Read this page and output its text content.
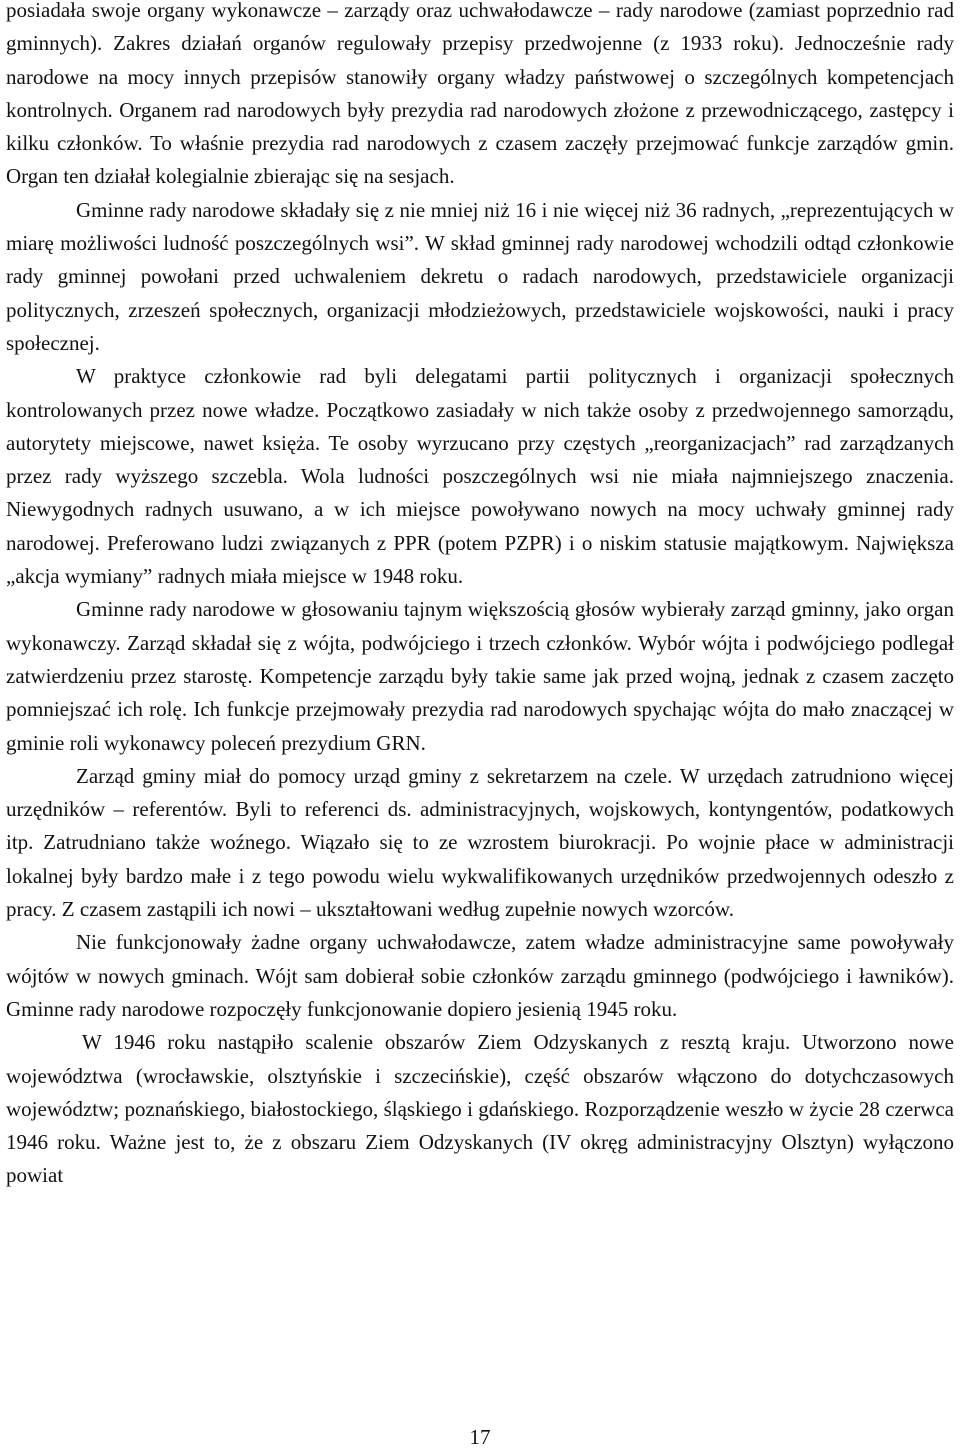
posiadała swoje organy wykonawcze – zarządy oraz uchwałodawcze – rady narodowe (zamiast poprzednio rad gminnych). Zakres działań organów regulowały przepisy przedwojenne (z 1933 roku). Jednocześnie rady narodowe na mocy innych przepisów stanowiły organy władzy państwowej o szczególnych kompetencjach kontrolnych. Organem rad narodowych były prezydia rad narodowych złożone z przewodniczącego, zastępcy i kilku członków. To właśnie prezydia rad narodowych z czasem zaczęły przejmować funkcje zarządów gmin. Organ ten działał kolegialnie zbierając się na sesjach.

Gminne rady narodowe składały się z nie mniej niż 16 i nie więcej niż 36 radnych, „reprezentujących w miarę możliwości ludność poszczególnych wsi”. W skład gminnej rady narodowej wchodzili odtąd członkowie rady gminnej powołani przed uchwaleniem dekretu o radach narodowych, przedstawiciele organizacji politycznych, zrzeszeń społecznych, organizacji młodzieżowych, przedstawiciele wojskowości, nauki i pracy społecznej.

W praktyce członkowie rad byli delegatami partii politycznych i organizacji społecznych kontrolowanych przez nowe władze. Początkowo zasiadały w nich także osoby z przedwojennego samorządu, autorytety miejscowe, nawet księża. Te osoby wyrzucano przy częstych „reorganizacjach” rad zarządzanych przez rady wyższego szczebla. Wola ludności poszczególnych wsi nie miała najmniejszego znaczenia. Niewygodnych radnych usuwano, a w ich miejsce powoływano nowych na mocy uchwały gminnej rady narodowej. Preferowano ludzi związanych z PPR (potem PZPR) i o niskim statusie majątkowym. Największa „akcja wymiany” radnych miała miejsce w 1948 roku.

Gminne rady narodowe w głosowaniu tajnym większością głosów wybierały zarząd gminny, jako organ wykonawczy. Zarząd składał się z wójta, podwójciego i trzech członków. Wybór wójta i podwójciego podlegał zatwierdzeniu przez starostę. Kompetencje zarządu były takie same jak przed wojną, jednak z czasem zaczęto pomniejszać ich rolę. Ich funkcje przejmowały prezydia rad narodowych spychając wójta do mało znaczącej w gminie roli wykonawcy poleceń prezydium GRN.

Zarząd gminy miał do pomocy urząd gminy z sekretarzem na czele. W urzędach zatrudniono więcej urzędników – referentów. Byli to referenci ds. administracyjnych, wojskowych, kontyngentów, podatkowych itp. Zatrudniano także woźnego. Wiązało się to ze wzrostem biurokracji. Po wojnie płace w administracji lokalnej były bardzo małe i z tego powodu wielu wykwalifikowanych urzędników przedwojennych odeszło z pracy. Z czasem zastąpili ich nowi – ukształtowani według zupełnie nowych wzorców.

Nie funkcjonowały żadne organy uchwałodawcze, zatem władze administracyjne same powoływały wójtów w nowych gminach. Wójt sam dobierał sobie członków zarządu gminnego (podwójciego i ławników). Gminne rady narodowe rozpoczęły funkcjonowanie dopiero jesienią 1945 roku.

W 1946 roku nastąpiło scalenie obszarów Ziem Odzyskanych z resztą kraju. Utworzono nowe województwa (wrocławskie, olsztyńskie i szczecińskie), część obszarów włączono do dotychczasowych województw; poznańskiego, białostockiego, śląskiego i gdańskiego. Rozporządzenie weszło w życie 28 czerwca 1946 roku. Ważne jest to, że z obszaru Ziem Odzyskanych (IV okręg administracyjny Olsztyn) wyłączono powiat

17
